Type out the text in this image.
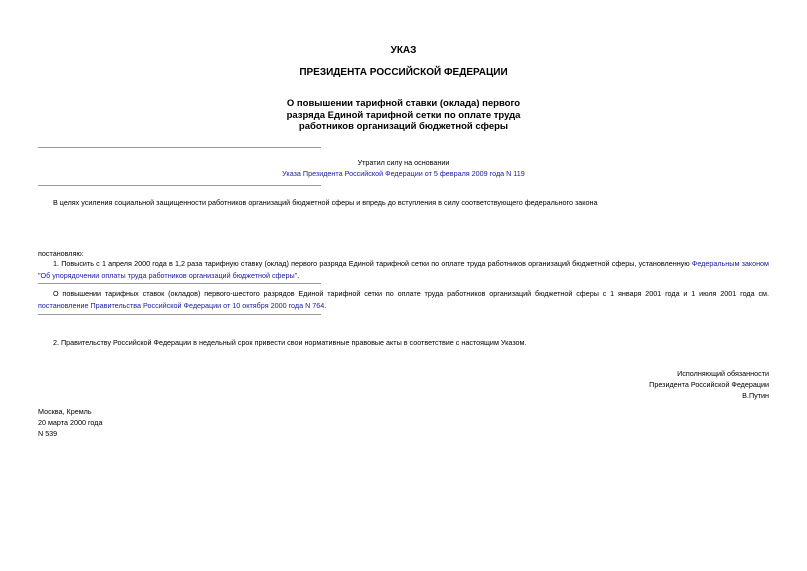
УКАЗ
ПРЕЗИДЕНТА РОССИЙСКОЙ ФЕДЕРАЦИИ
О повышении тарифной ставки (оклада) первого
разряда Единой тарифной сетки по оплате труда
работников организаций бюджетной сферы
Утратил силу на основании
Указа Президента Российской Федерации от 5 февраля 2009 года N 119
В целях усиления социальной защищенности работников организаций бюджетной сферы и впредь до вступления в силу соответствующего федерального закона
постановляю:
1. Повысить с 1 апреля 2000 года в 1,2 раза тарифную ставку (оклад) первого разряда Единой тарифной сетки по оплате труда работников организаций бюджетной сферы, установленную Федеральным законом "Об упорядочении оплаты труда работников организаций бюджетной сферы".
О повышении тарифных ставок (окладов) первого-шестого разрядов Единой тарифной сетки по оплате труда работников организаций бюджетной сферы с 1 января 2001 года и 1 июля 2001 года см. постановление Правительства Российской Федерации от 10 октября 2000 года N 764.
2. Правительству Российской Федерации в недельный срок привести свои нормативные правовые акты в соответствие с настоящим Указом.
Исполняющий обязанности
Президента Российской Федерации
В.Путин
Москва, Кремль
20 марта 2000 года
N 539
